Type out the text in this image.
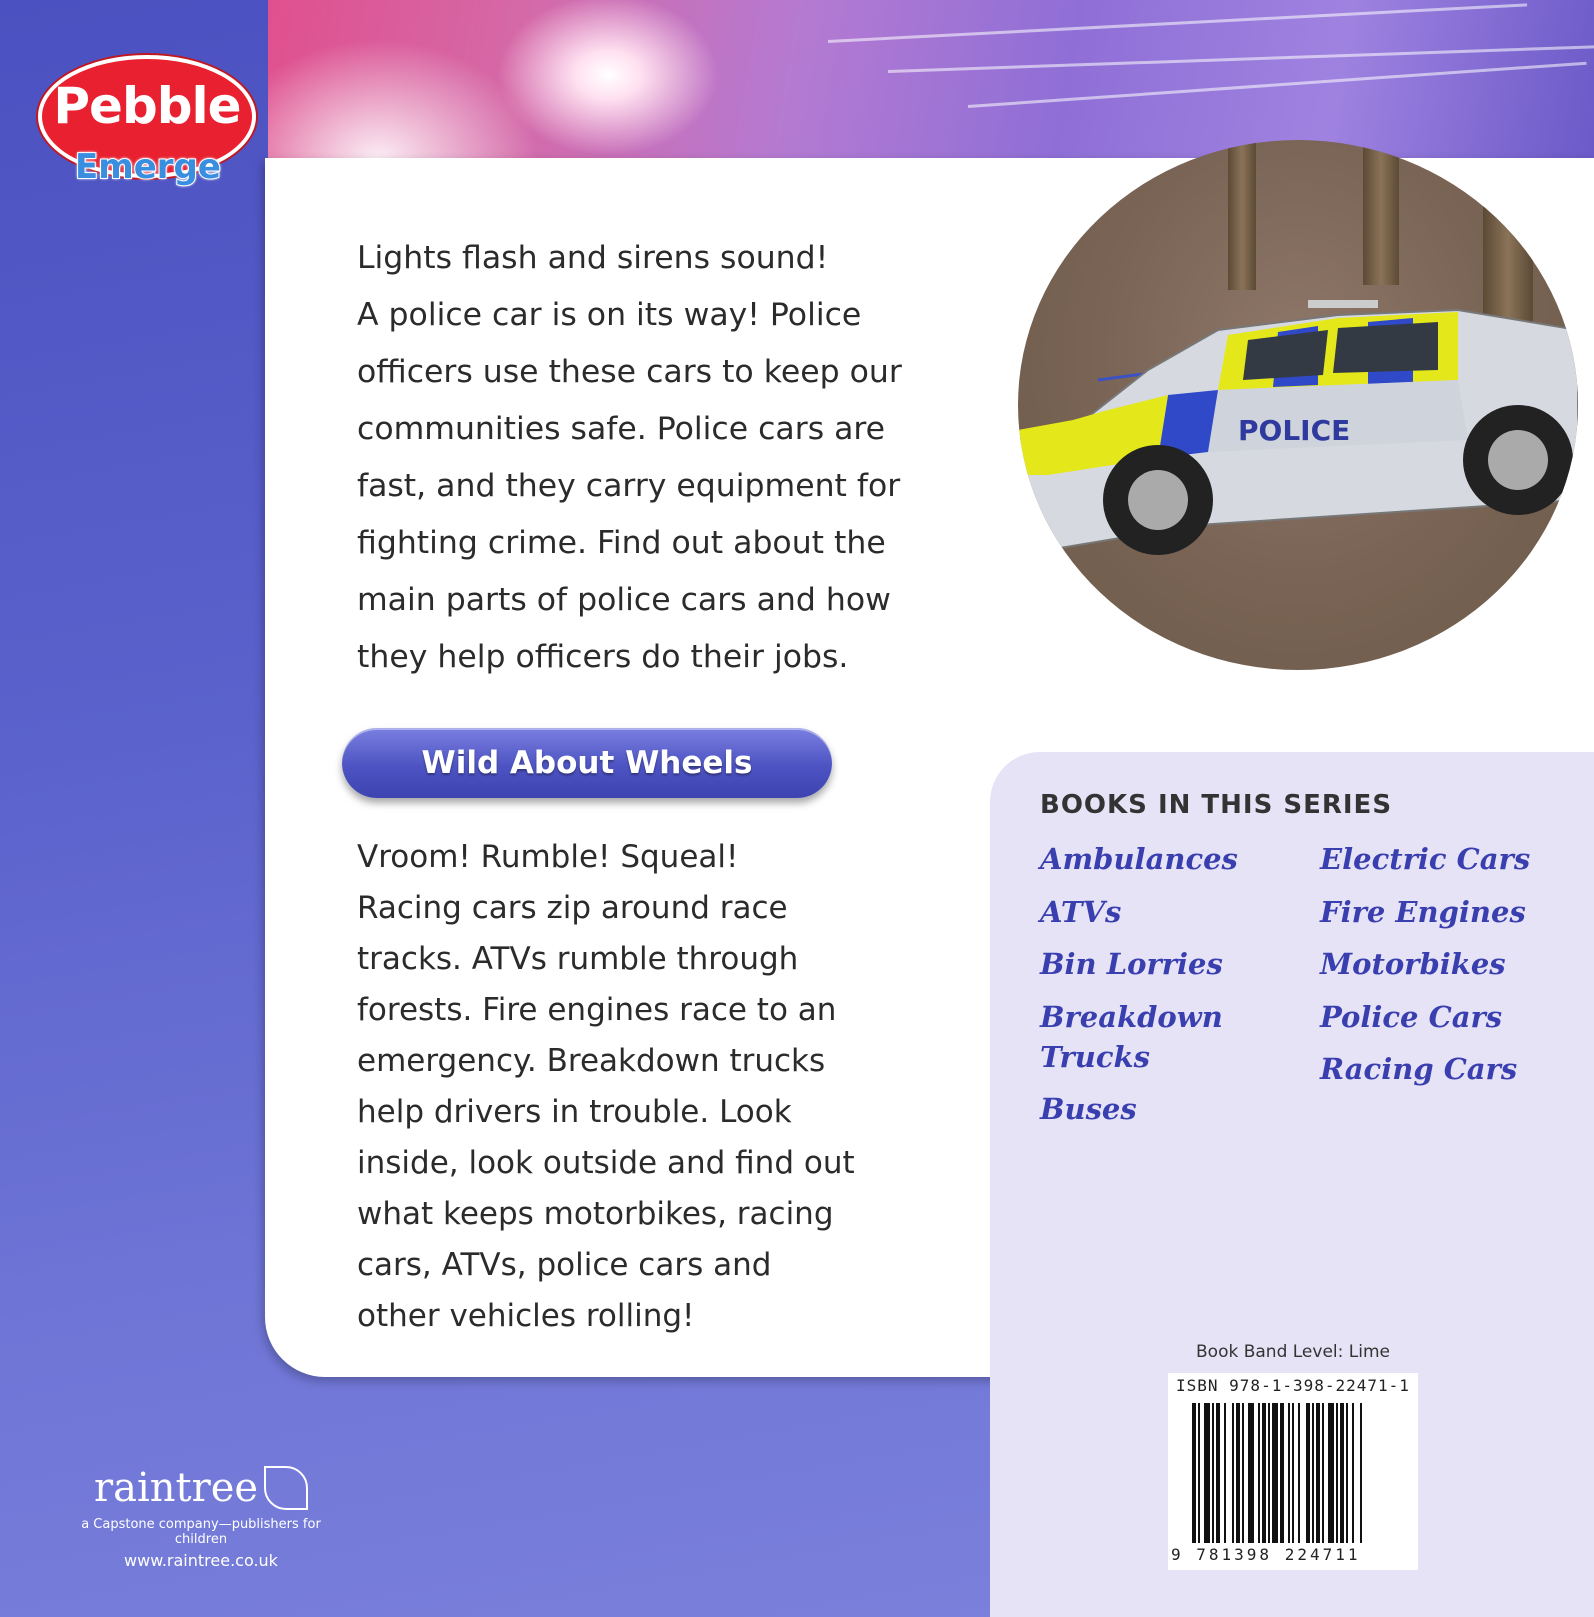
Pebble
Emerge
POLICE

Lights flash and sirens sound!
A police car is on its way! Police
officers use these cars to keep our
communities safe. Police cars are
fast, and they carry equipment for
fighting crime. Find out about the
main parts of police cars and how
they help officers do their jobs.

Wild About Wheels

Vroom! Rumble! Squeal!
Racing cars zip around race
tracks. ATVs rumble through
forests. Fire engines race to an
emergency. Breakdown trucks
help drivers in trouble. Look
inside, look outside and find out
what keeps motorbikes, racing
cars, ATVs, police cars and
other vehicles rolling!

BOOKS IN THIS SERIES
Ambulances
ATVs
Bin Lorries
Breakdown
Trucks
Buses
Electric Cars
Fire Engines
Motorbikes
Police Cars
Racing Cars
Book Band Level: Lime
ISBN 978-1-398-22471-1
9 781398 224711
raintree
a Capstone company—publishers for children
www.raintree.co.uk
